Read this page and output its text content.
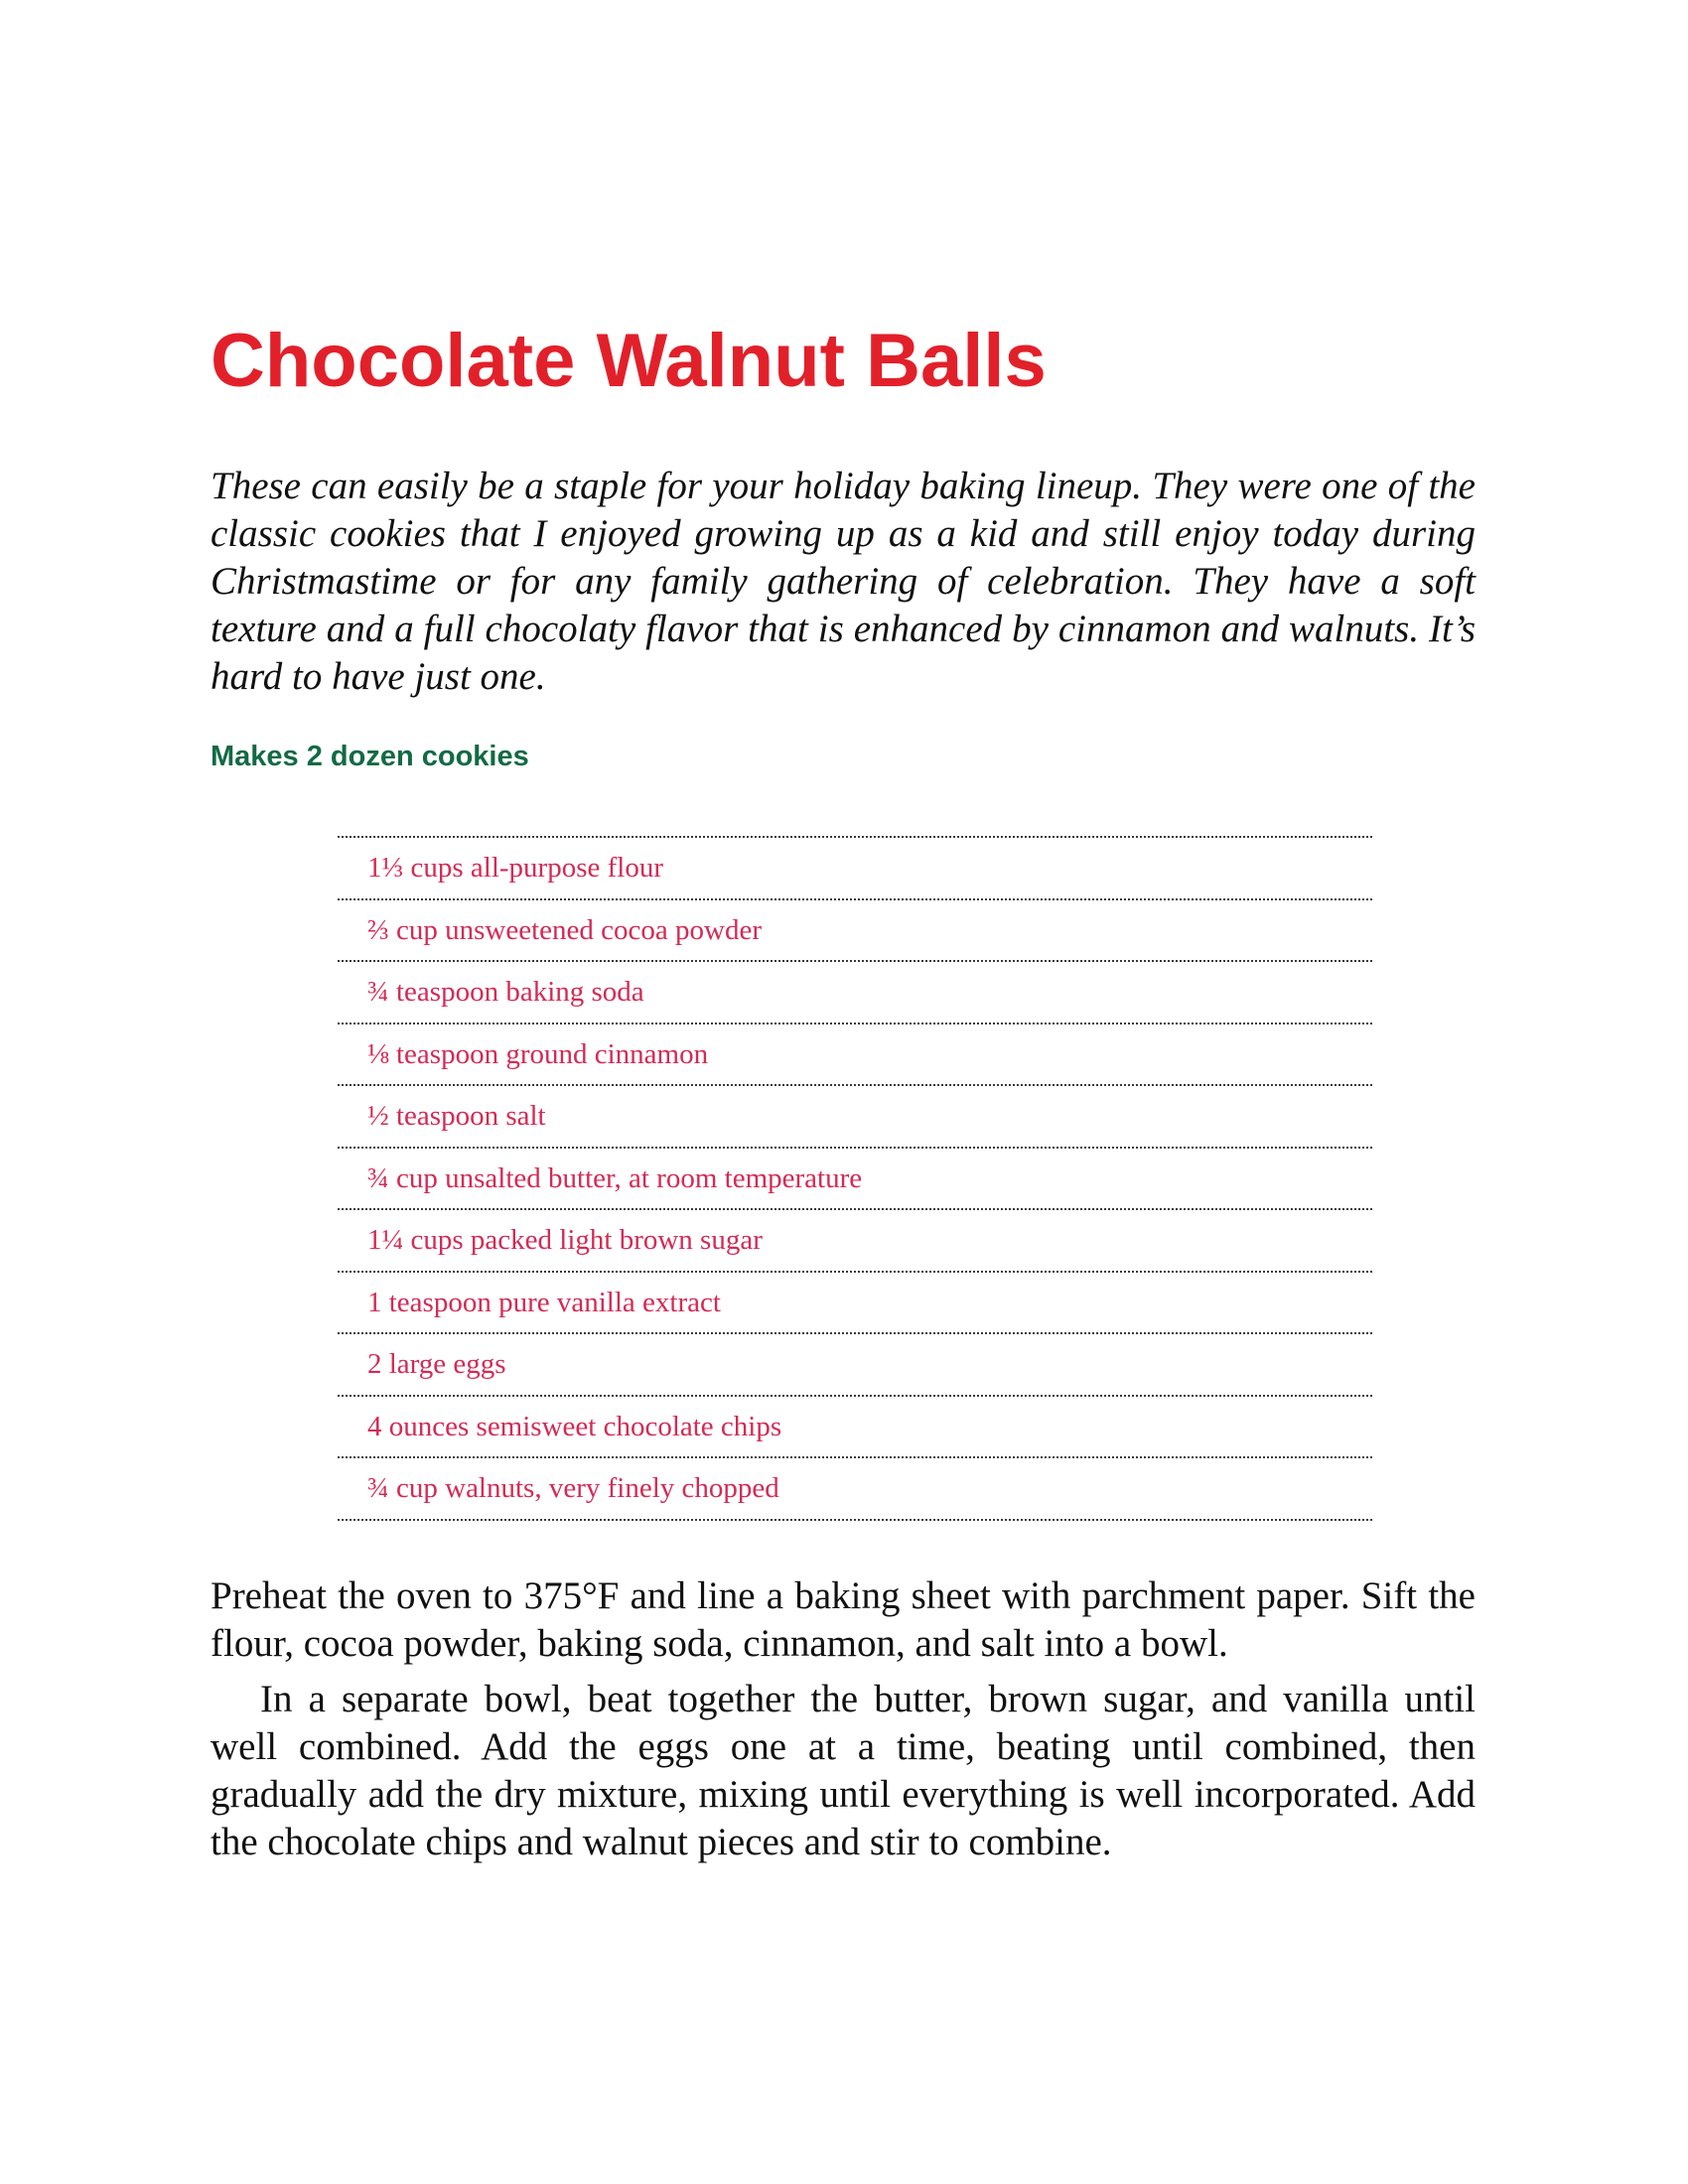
Chocolate Walnut Balls

These can easily be a staple for your holiday baking lineup. They were one of the classic cookies that I enjoyed growing up as a kid and still enjoy today during Christmastime or for any family gathering of celebration. They have a soft texture and a full chocolaty flavor that is enhanced by cinnamon and walnuts. It’s hard to have just one.

Makes 2 dozen cookies

1⅓ cups all-purpose flour
⅔ cup unsweetened cocoa powder
¾ teaspoon baking soda
⅛ teaspoon ground cinnamon
½ teaspoon salt
¾ cup unsalted butter, at room temperature
1¼ cups packed light brown sugar
1 teaspoon pure vanilla extract
2 large eggs
4 ounces semisweet chocolate chips
¾ cup walnuts, very finely chopped

Preheat the oven to 375°F and line a baking sheet with parchment paper. Sift the flour, cocoa powder, baking soda, cinnamon, and salt into a bowl.

In a separate bowl, beat together the butter, brown sugar, and vanilla until well combined. Add the eggs one at a time, beating until combined, then gradually add the dry mixture, mixing until everything is well incorporated. Add the chocolate chips and walnut pieces and stir to combine.
